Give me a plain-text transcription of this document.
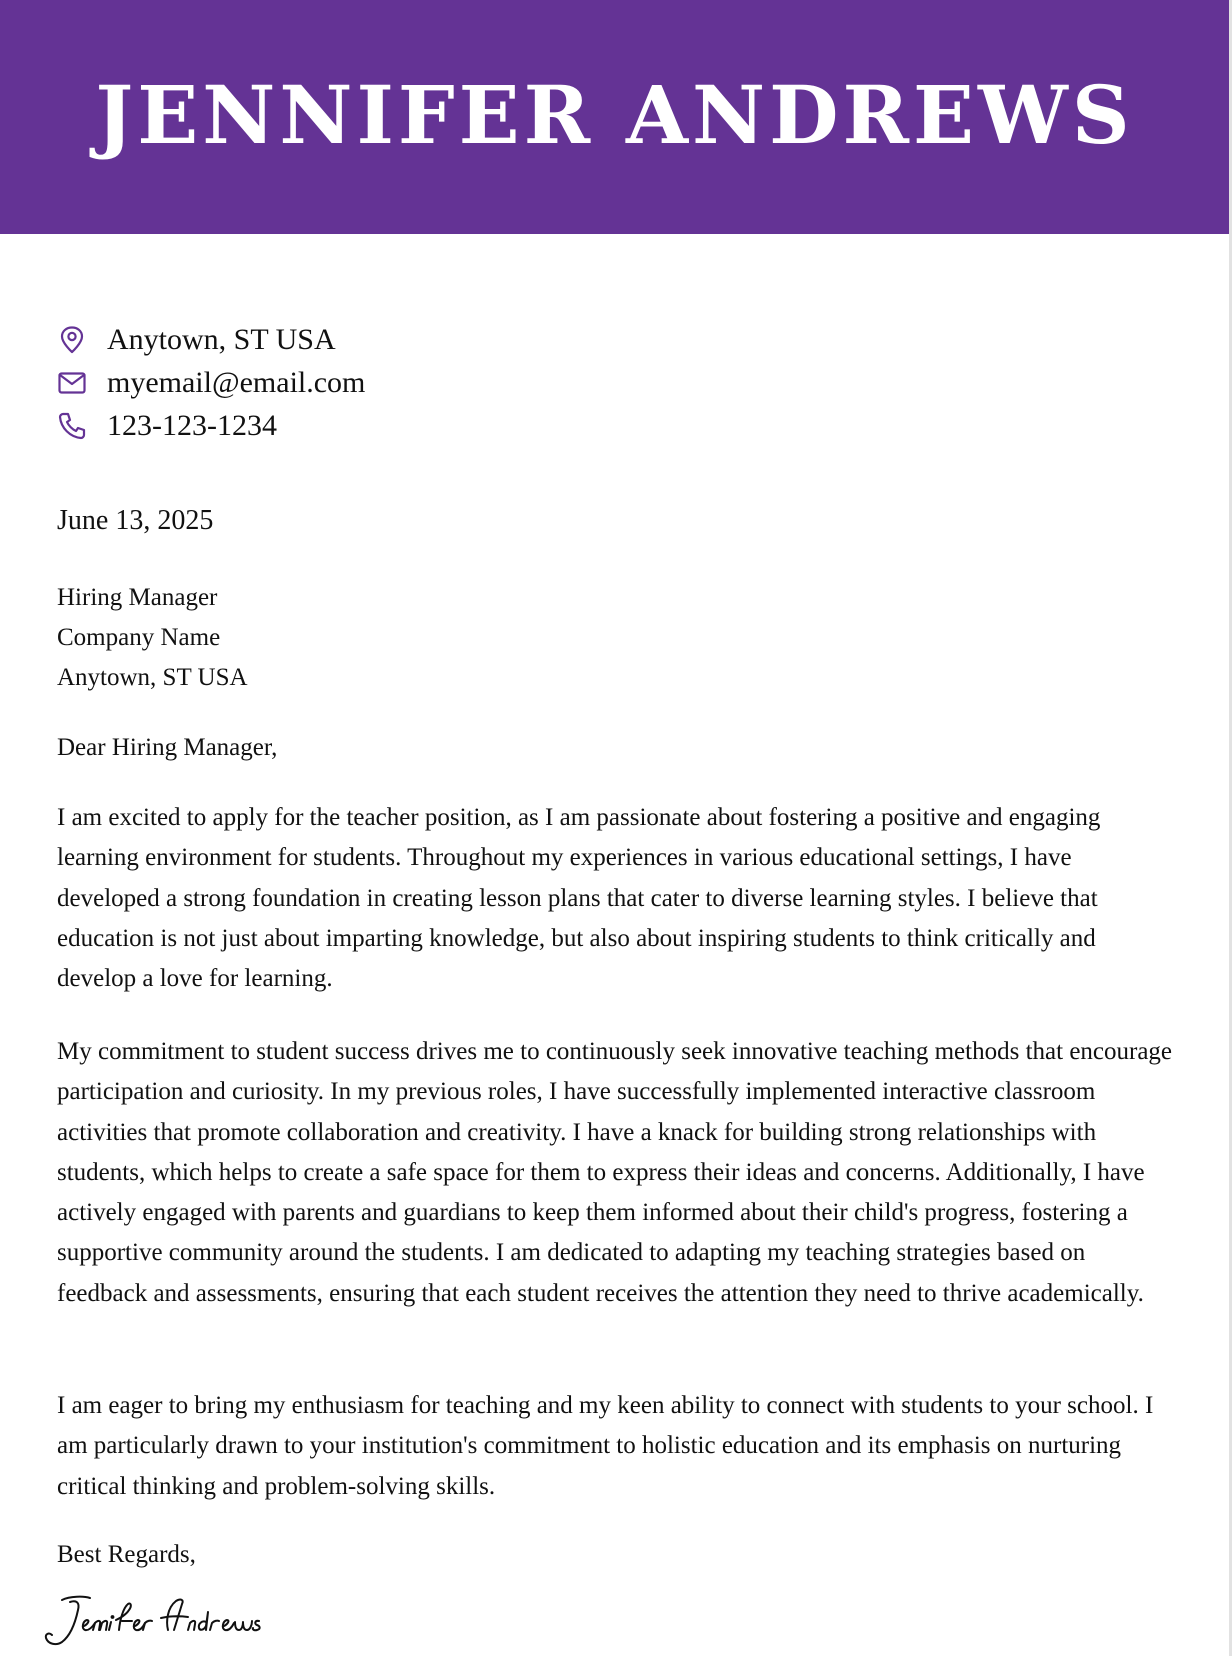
JENNIFER ANDREWS
Anytown, ST USA
myemail@email.com
123-123-1234
June 13, 2025
Hiring Manager
Company Name
Anytown, ST USA
Dear Hiring Manager,
I am excited to apply for the teacher position, as I am passionate about fostering a positive and engaging learning environment for students. Throughout my experiences in various educational settings, I have developed a strong foundation in creating lesson plans that cater to diverse learning styles. I believe that education is not just about imparting knowledge, but also about inspiring students to think critically and develop a love for learning.
My commitment to student success drives me to continuously seek innovative teaching methods that encourage participation and curiosity. In my previous roles, I have successfully implemented interactive classroom activities that promote collaboration and creativity. I have a knack for building strong relationships with students, which helps to create a safe space for them to express their ideas and concerns. Additionally, I have actively engaged with parents and guardians to keep them informed about their child's progress, fostering a supportive community around the students. I am dedicated to adapting my teaching strategies based on feedback and assessments, ensuring that each student receives the attention they need to thrive academically.
I am eager to bring my enthusiasm for teaching and my keen ability to connect with students to your school. I am particularly drawn to your institution's commitment to holistic education and its emphasis on nurturing critical thinking and problem-solving skills.
Best Regards,
